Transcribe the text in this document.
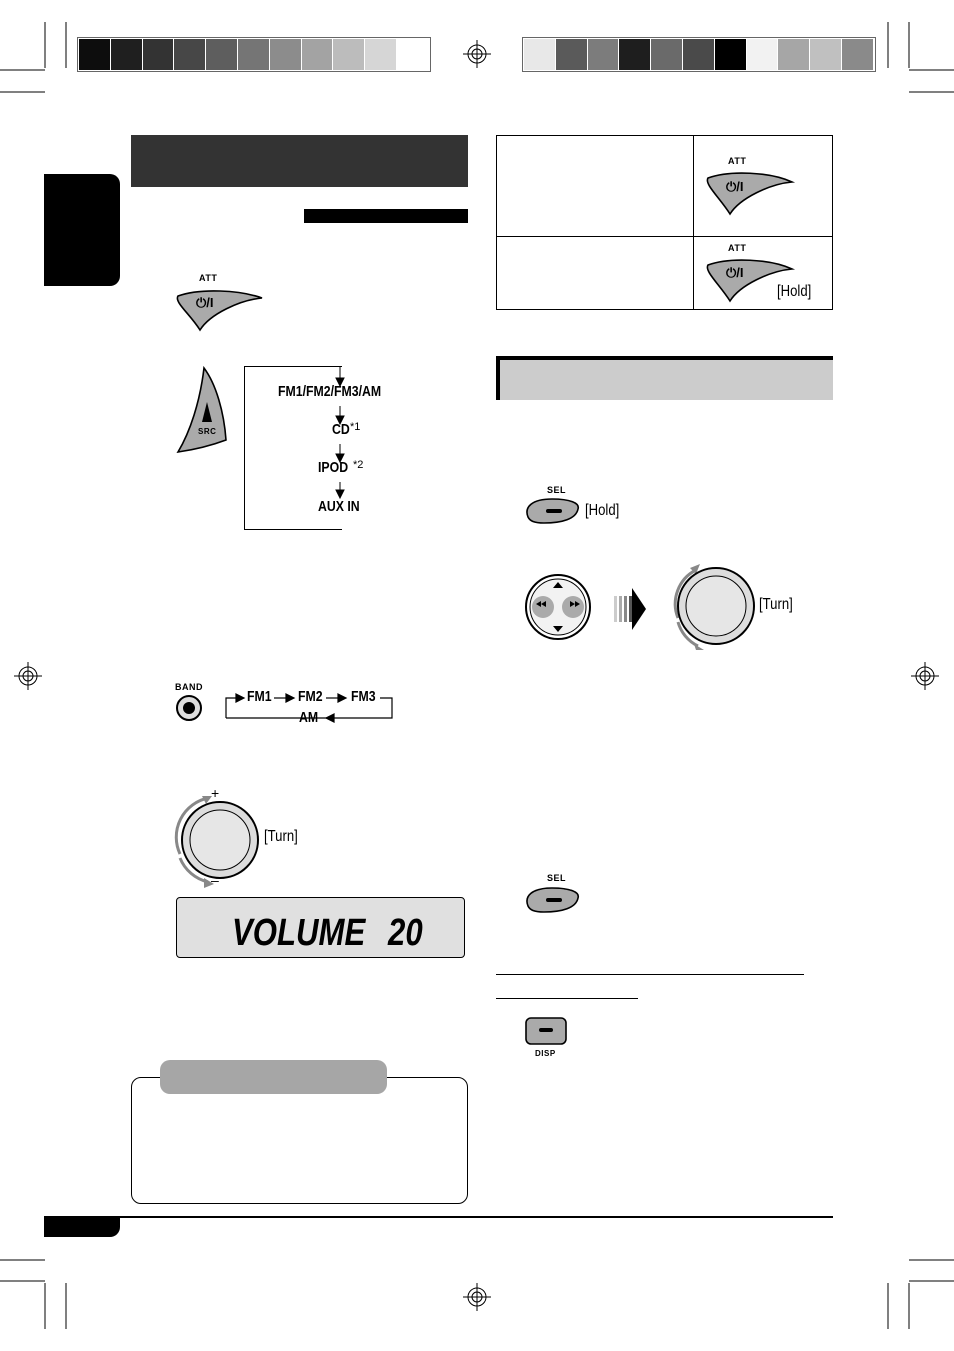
ATT
⏻/I
SRC
FM1/FM2/FM3/AM
CD *1
IPOD *2
AUX IN
BAND
FM1 FM2 FM3
AM
+
–
[Turn]
VOLUME 20
ATT
⏻/I
ATT
⏻/I
[Hold]
SEL
[Hold]
[Turn]
SEL
DISP
